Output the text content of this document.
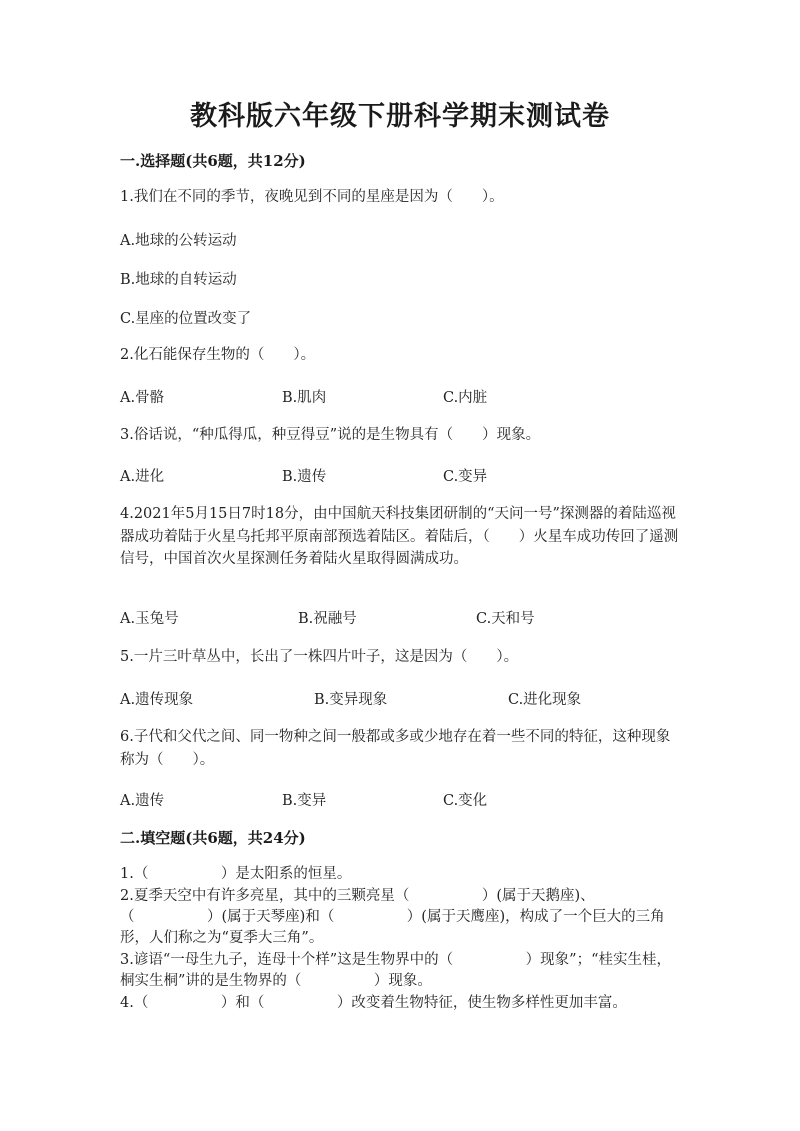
教科版六年级下册科学期末测试卷
一.选择题(共6题，共12分)
1.我们在不同的季节，夜晚见到不同的星座是因为（　　）。
A.地球的公转运动
B.地球的自转运动
C.星座的位置改变了
2.化石能保存生物的（　　）。
A.骨骼	B.肌肉	C.内脏
3.俗话说，“种瓜得瓜，种豆得豆”说的是生物具有（　　）现象。
A.进化	B.遗传	C.变异
4.2021年5月15日7时18分，由中国航天科技集团研制的“天问一号”探测器的着陆巡视器成功着陆于火星乌托邦平原南部预选着陆区。着陆后，（　　）火星车成功传回了遥测信号，中国首次火星探测任务着陆火星取得圆满成功。
A.玉兔号	B.祝融号	C.天和号
5.一片三叶草丛中，长出了一株四片叶子，这是因为（　　）。
A.遗传现象	B.变异现象	C.进化现象
6.子代和父代之间、同一物种之间一般都或多或少地存在着一些不同的特征，这种现象称为（　　）。
A.遗传	B.变异	C.变化
二.填空题(共6题，共24分)
1.（　　　　　）是太阳系的恒星。
2.夏季天空中有许多亮星，其中的三颗亮星（　　　　　）(属于天鹅座)、（　　　　　）(属于天琴座)和（　　　　　）(属于天鹰座)，构成了一个巨大的三角形，人们称之为“夏季大三角”。
3.谚语“一母生九子，连母十个样”这是生物界中的（　　　　　）现象”；“桂实生桂，桐实生桐”讲的是生物界的（　　　　　）现象。
4.（　　　　　）和（　　　　　）改变着生物特征，使生物多样性更加丰富。
